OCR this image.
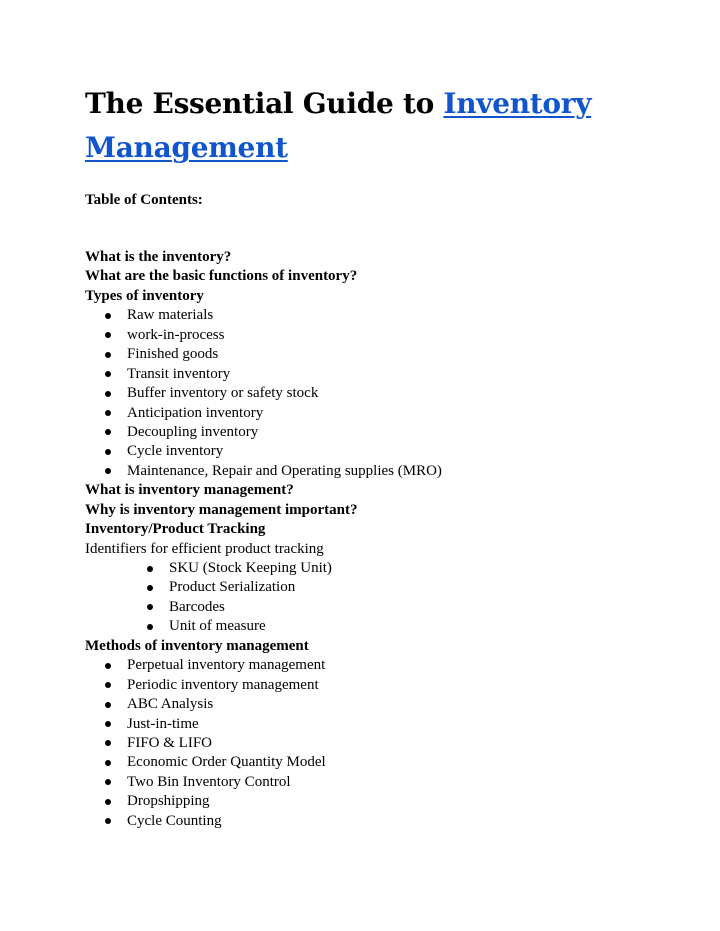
The Essential Guide to Inventory Management

Table of Contents:

What is the inventory?
What are the basic functions of inventory?
Types of inventory
Raw materials
work-in-process
Finished goods
Transit inventory
Buffer inventory or safety stock
Anticipation inventory
Decoupling inventory
Cycle inventory
Maintenance, Repair and Operating supplies (MRO)
What is inventory management?
Why is inventory management important?
Inventory/Product Tracking
Identifiers for efficient product tracking
SKU (Stock Keeping Unit)
Product Serialization
Barcodes
Unit of measure
Methods of inventory management
Perpetual inventory management
Periodic inventory management
ABC Analysis
Just-in-time
FIFO & LIFO
Economic Order Quantity Model
Two Bin Inventory Control
Dropshipping
Cycle Counting
